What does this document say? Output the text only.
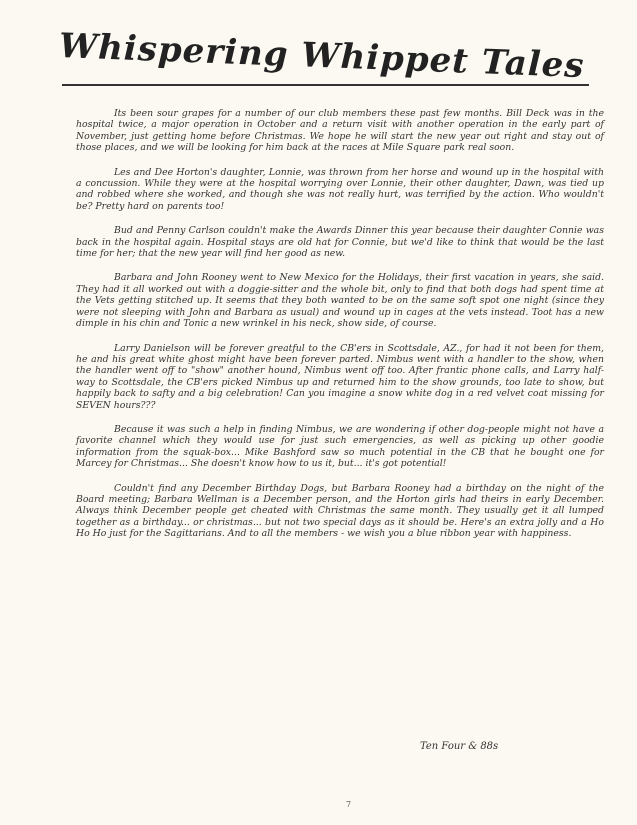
Whispering Whippet Tales

Its been sour grapes for a number of our club members these past few months. Bill Deck was in the hospital twice, a major operation in October and a return visit with another operation in the early part of November, just getting home before Christmas. We hope he will start the new year out right and stay out of those places, and we will be looking for him back at the races at Mile Square park real soon.

Les and Dee Horton's daughter, Lonnie, was thrown from her horse and wound up in the hospital with a concussion. While they were at the hospital worrying over Lonnie, their other daughter, Dawn, was tied up and robbed where she worked, and though she was not really hurt, was terrified by the action. Who wouldn't be? Pretty hard on parents too!

Bud and Penny Carlson couldn't make the Awards Dinner this year because their daughter Connie was back in the hospital again. Hospital stays are old hat for Connie, but we'd like to think that would be the last time for her; that the new year will find her good as new.

Barbara and John Rooney went to New Mexico for the Holidays, their first vacation in years, she said. They had it all worked out with a doggie-sitter and the whole bit, only to find that both dogs had spent time at the Vets getting stitched up. It seems that they both wanted to be on the same soft spot one night (since they were not sleeping with John and Barbara as usual) and wound up in cages at the vets instead. Toot has a new dimple in his chin and Tonic a new wrinkel in his neck, show side, of course.

Larry Danielson will be forever greatful to the CB'ers in Scottsdale, AZ., for had it not been for them, he and his great white ghost might have been forever parted. Nimbus went with a handler to the show, when the handler went off to "show" another hound, Nimbus went off too. After frantic phone calls, and Larry half-way to Scottsdale, the CB'ers picked Nimbus up and returned him to the show grounds, too late to show, but happily back to safty and a big celebration! Can you imagine a snow white dog in a red velvet coat missing for SEVEN hours???

Because it was such a help in finding Nimbus, we are wondering if other dog-people might not have a favorite channel which they would use for just such emergencies, as well as picking up other goodie information from the squak-box... Mike Bashford saw so much potential in the CB that he bought one for Marcey for Christmas... She doesn't know how to us it, but... it's got potential!

Couldn't find any December Birthday Dogs, but Barbara Rooney had a birthday on the night of the Board meeting; Barbara Wellman is a December person, and the Horton girls had theirs in early December. Always think December people get cheated with Christmas the same month. They usually get it all lumped together as a birthday... or christmas... but not two special days as it should be. Here's an extra jolly and a Ho Ho Ho just for the Sagittarians. And to all the members - we wish you a blue ribbon year with happiness.

Ten Four & 88s
7
